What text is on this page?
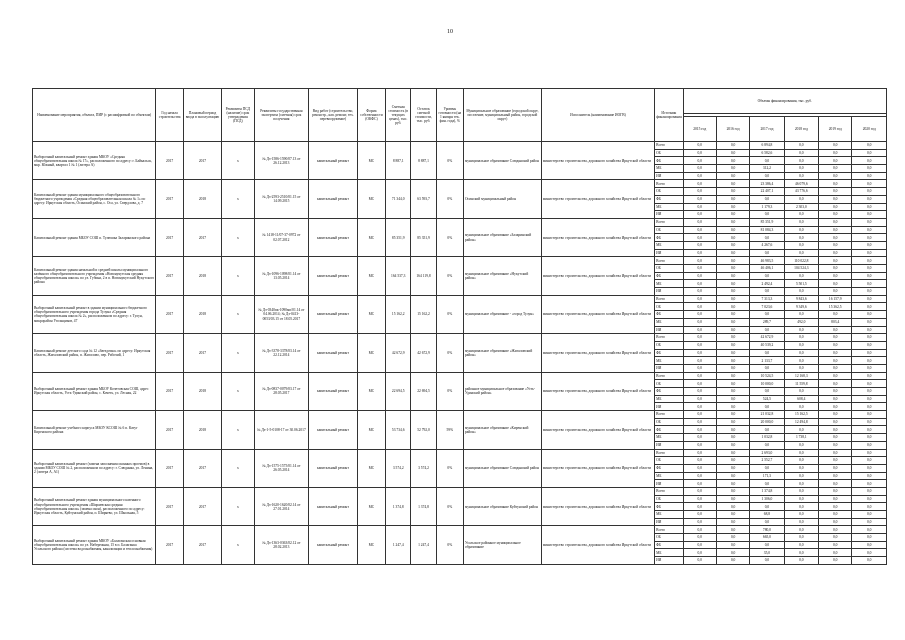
10
Наименование мероприятия, объекта, ПИР (с расшифровкой по объектам)	Год начала строительства	Плановый период ввода в эксплуатацию	Реквизиты ПСД (наличие) срок утверждения (ПСД)	Реквизиты государственная экспертиза (сметная) срок получения	Вид работ (строительство, реконстр., кап. ремонт, тех. перевооружение)	Форма собственности (ОКФС)	Сметная стоимость (в текущих ценах), тыс. руб.	Остаток сметной стоимости, тыс. руб.	Уровень готовности (на 1 января тек. фин. года), %	Муниципальное образование (городской округ, поселение, муниципальный район, городской округ)	Исполнитель (наименование ИОГВ)	Источник финансирования	Объемы финансирования, тыс. руб.					

													2015 год	2016 год	2017 год	2018 год	2019 год	2020 год
Выборочный капитальный ремонт здания МКОУ «Средняя общеобразовательная школа № 17», расположенного по адресу: г. Байкальск, мкр. Южный, квартал 1 № 1 (литера А)	2017	2017	х	№ Дз-1586-1590/07.13 от 26.12.2013	капитальный ремонт	МС	8 887,1	8 887,1	0%	муниципальное образование Слюдянский район	министерство строительства, дорожного хозяйства Иркутской области	Всего	0,0	0,0	6 894,8	0,0	0,0	0,0
												ОБ	0,0	0,0	6 582,6	0,0	0,0	0,0
												ФБ	0,0	0,0	0,0	0,0	0,0	0,0
												МБ	0,0	0,0	312,2	0,0	0,0	0,0
												ИИ	0,0	0,0	0,0	0,0	0,0	0,0
Капитальный ремонт здания муниципального общеобразовательного бюджетного учреждения «Средняя общеобразовательная школа № 1» по адресу: Иркутская область, Осинский район, с. Оса, ул. Свердлова, д. 7	2017	2018	х	№ Дз-2593-2510/01.15 от 14.09.2015	капитальный ремонт	МС	71 344,0	63 593,7	0%	Осинский муниципальный район	министерство строительства, дорожного хозяйства Иркутской области	Всего	0,0	0,0	23 386,4	46 079,6	0,0	0,0
												ОБ	0,0	0,0	22 407,1	43 776,6	0,0	0,0
												ФБ	0,0	0,0	0,0	0,0	0,0	0,0
												МБ	0,0	0,0	1 179,3	2 303,0	0,0	0,0
												ИИ	0,0	0,0	0,0	0,0	0,0	0,0
Капитальный ремонт здания МБОУ СОШ п. Тулюшка Заларинского района	2017	2017	х	№ 1418-11/07-37-0972 от 02.07.2012	капитальный ремонт	МС	85 351,9	85 351,9	0%	муниципальное образование «Заларинский район»	министерство строительства, дорожного хозяйства Иркутской области	Всего	0,0	0,0	85 351,9	0,0	0,0	0,0
												ОБ	0,0	0,0	81 084,3	0,0	0,0	0,0
												ФБ	0,0	0,0	0,0	0,0	0,0	0,0
												МБ	0,0	0,0	4 267,6	0,0	0,0	0,0
												ИИ	0,0	0,0	0,0	0,0	0,0	0,0
Капитальный ремонт здания начальной и средней школы муниципального казённого общеобразовательного учреждения «Новонукутская средняя общеобразовательная школа» по ул. Губина, 2 в п. Новонукутский Нукутского района	2017	2018	х	№ Дз-1096-1098/01.14 от 13.05.2014	капитальный ремонт	МС	164 537,3	164 119,8	0%	муниципальное образование «Нукутский район»	министерство строительства, дорожного хозяйства Иркутской области	Всего	0,0	0,0	46 983,5	110 022,8	0,0	0,0
												ОБ	0,0	0,0	46 406,1	104 524,3	0,0	0,0
												ФБ	0,0	0,0	0,0	0,0	0,0	0,0
												МБ	0,0	0,0	2 492,4	5 501,5	0,0	0,0
												ИИ	0,0	0,0	0,0	0,0	0,0	0,0
Выборочный капитальный ремонт в здании муниципального бюджетного общеобразовательного учреждения города Тулуна «Средняя общеобразовательная школа № 2», расположенном по адресу: г. Тулун, микрорайон Угольщиков, 47	2017	2018	х	№ Дз-0340пк-1090мп/01.14 от 04.06.2014; № Дз-0413-0053/03.15 от 18.05.2017	капитальный ремонт	МС	15 162,2	15 162,2	0%	муниципальное образование - «город Тулун»	министерство строительства, дорожного хозяйства Иркутской области	Всего	0,0	0,0	7 313,3	9 843,6	16 157,9	0,0
												ОБ	0,0	0,0	7 023,6	9 349,6	15 362,5	0,0
												ФБ	0,0	0,0	0,0	0,0	0,0	0,0
												МБ	0,0	0,0	289,7	492,0	803,4	0,0
												ИИ	0,0	0,0	0,0	0,0	0,0	0,0
Капитальный ремонт детского сада № 12 «Звездочка» по адресу: Иркутская область, Жигаловский район, п. Жигалово, пер. Рабочий, 1	2017	2017	х	№ Дз-3378-3378/03.14 от 22.12.2014	капитальный ремонт	МС	42 672,9	42 672,9	0%	муниципальное образование «Жигаловский район»	министерство строительства, дорожного хозяйства Иркутской области	Всего	0,0	0,0	42 672,9	0,0	0,0	0,0
												ОБ	0,0	0,0	40 539,2	0,0	0,0	0,0
												ФБ	0,0	0,0	0,0	0,0	0,0	0,0
												МБ	0,0	0,0	2 133,7	0,0	0,0	0,0
												ИИ	0,0	0,0	0,0	0,0	0,0	0,0
Выборочный капитальный ремонт здания МБОУ Кочетовская СОШ, адрес Иркутская область, Усть-Удинский район, с. Кочеть, ул. Лесная, 22	2017	2018	х	№ Дз-0837-0079/03.17 от 28.05.2017	капитальный ремонт	МС	22 694,5	22 694,5	0%	районное муниципальное образование «Усть-Удинский район»	министерство строительства, дорожного хозяйства Иркутской области	Всего	0,0	0,0	10 524,5	12 168,3	0,0	0,0
												ОБ	0,0	0,0	10 000,0	11 559,8	0,0	0,0
												ФБ	0,0	0,0	0,0	0,0	0,0	0,0
												МБ	0,0	0,0	524,5	608,4	0,0	0,0
												ИИ	0,0	0,0	0,0	0,0	0,0	0,0
Капитальный ремонт учебного корпуса МБОУ КСОШ № 6 п. Катуг Киренского района	2017	2018	х	№ Дз-1-5-0108-17 от 30.06.2017	капитальный ремонт	МС	53 734,6	52 792,0	59%	муниципальное образование «Киренский район»	министерство строительства, дорожного хозяйства Иркутской области	Всего	0,0	0,0	21 032,8	15 162,5	0,0	0,0
												ОБ	0,0	0,0	20 000,0	12 494,8	0,0	0,0
												ФБ	0,0	0,0	0,0	0,0	0,0	0,0
												МБ	0,0	0,0	1 032,8	1 738,1	0,0	0,0
												ИИ	0,0	0,0	0,0	0,0	0,0	0,0
Выборочный капитальный ремонт (замена заполнения оконных проемов) в здании МБОУ СОШ № 2, расположенном по адресу: г. Слюдянка, ул. Ленина, 2 (литера А, А1)	2017	2017	х	№ Дз-1575-1575/01.14 от 26.05.2014	капитальный ремонт	МС	3 574,2	3 574,2	0%	муниципальное образование Слюдянский район	министерство строительства, дорожного хозяйства Иркутской области	Всего	0,0	0,0	2 693,0	0,0	0,0	0,0
												ОБ	0,0	0,0	2 552,7	0,0	0,0	0,0
												ФБ	0,0	0,0	0,0	0,0	0,0	0,0
												МБ	0,0	0,0	171,3	0,0	0,0	0,0
												ИИ	0,0	0,0	0,0	0,0	0,0	0,0
Выборочный капитальный ремонт здания муниципального казенного общеобразовательного учреждения «Ширяевская средняя общеобразовательная школа» (замена окон), расположенного по адресу: Иркутская область, Куйтунский район, п. Ширяево, ул. Школьная, 5	2017	2017	х	№ Дз-1620-1620/02.14 от 27.01.2014	капитальный ремонт	МС	1 374,8	1 374,8	0%	муниципальное образование Куйтунский район	министерство строительства, дорожного хозяйства Иркутской области	Всего	0,0	0,0	1 374,8	0,0	0,0	0,0
												ОБ	0,0	0,0	1 306,0	0,0	0,0	0,0
												ФБ	0,0	0,0	0,0	0,0	0,0	0,0
												МБ	0,0	0,0	68,8	0,0	0,0	0,0
												ИИ	0,0	0,0	0,0	0,0	0,0	0,0
Выборочный капитальный ремонт здания МКОУ «Балаганская основная общеобразовательная школа» по ул. Набережная, 15 в п. Балаганка Усольского района (система водоснабжения, канализации и теплоснабжения)	2017	2017	х	№ Дз-1363-0363/02.12 от 28.02.2013	капитальный ремонт	МС	1 247,4	1 247,4	0%	Усольское районное муниципальное образование	министерство строительства, дорожного хозяйства Иркутской области	Всего	0,0	0,0	780,0	0,0	0,0	0,0
												ОБ	0,0	0,0	665,0	0,0	0,0	0,0
												ФБ	0,0	0,0	0,0	0,0	0,0	0,0
												МБ	0,0	0,0	35,0	0,0	0,0	0,0
												ИИ	0,0	0,0	0,0	0,0	0,0	0,0
